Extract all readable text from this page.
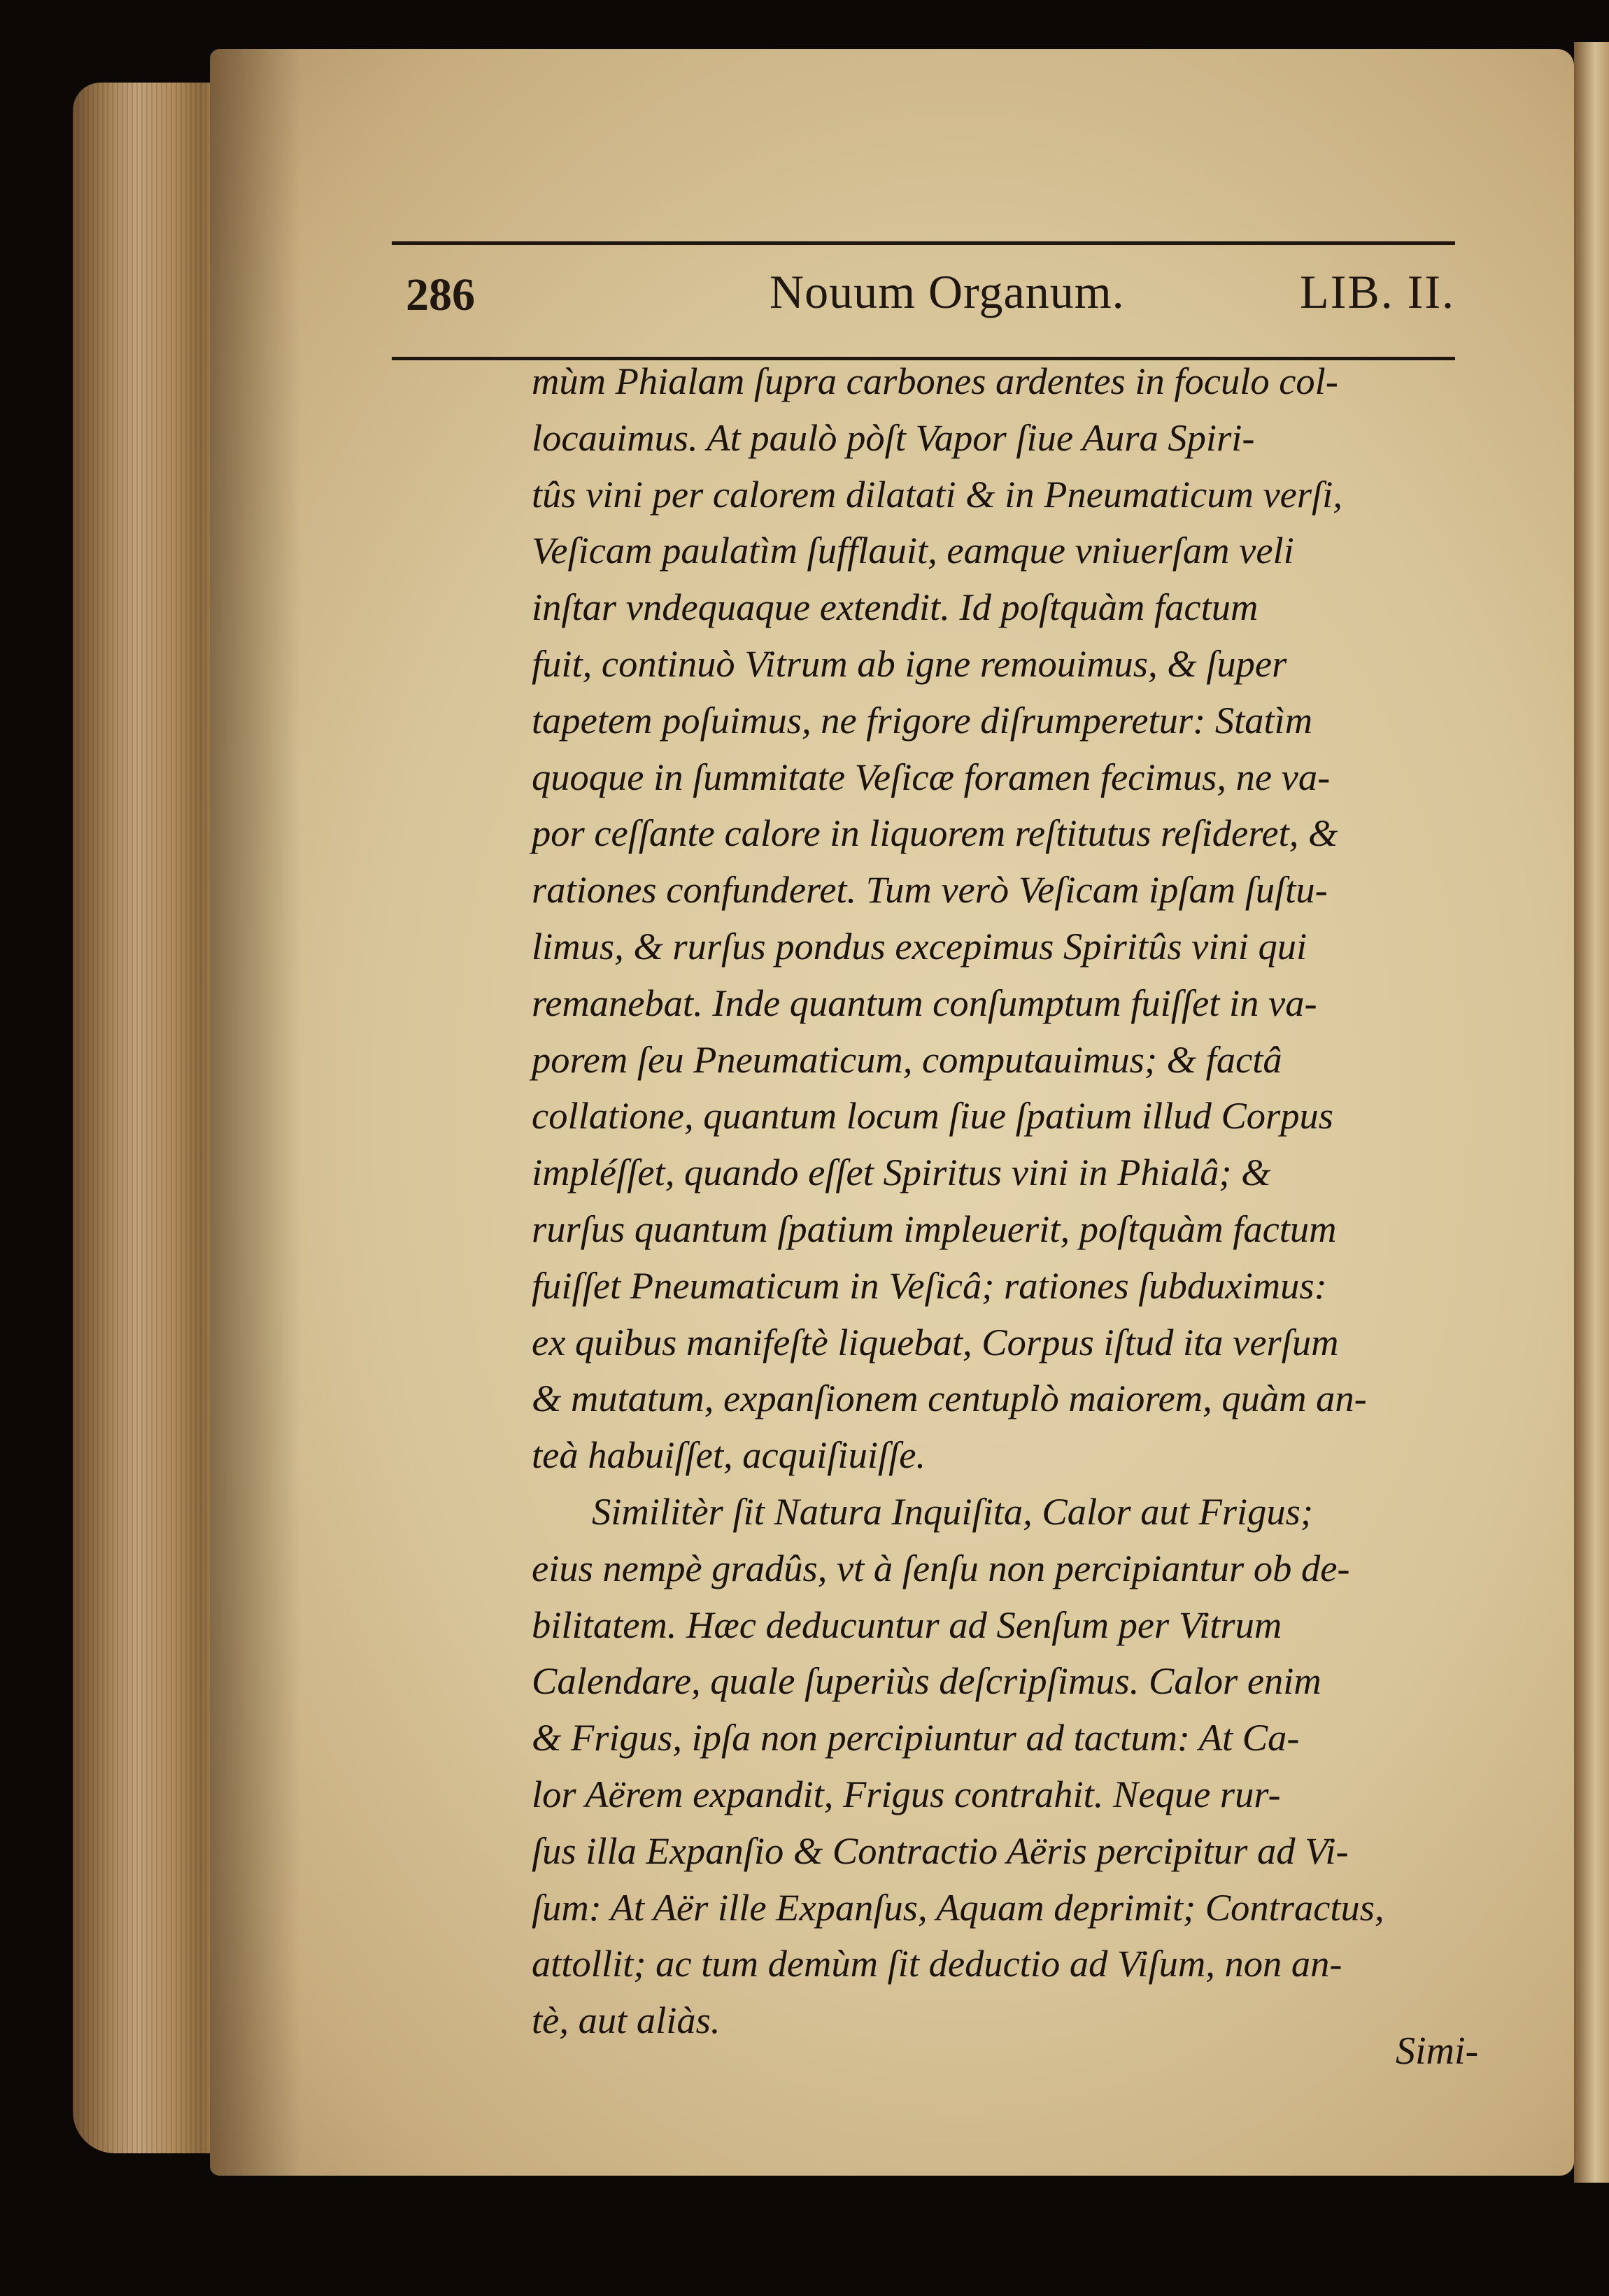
286	Nouum Organum.	LIB. II.
mùm Phialam ſupra carbones ardentes in foculo col-
locauimus. At paulò pòſt Vapor ſiue Aura Spiri-
tûs vini per calorem dilatati & in Pneumaticum verſi,
Veſicam paulatìm ſufflauit, eamque vniuerſam veli
inſtar vndequaque extendit. Id poſtquàm factum
fuit, continuò Vitrum ab igne remouimus, & ſuper
tapetem poſuimus, ne frigore diſrumperetur: Statìm
quoque in ſummitate Veſicæ foramen fecimus, ne va-
por ceſſante calore in liquorem reſtitutus reſideret, &
rationes confunderet. Tum verò Veſicam ipſam ſuſtu-
limus, & rurſus pondus excepimus Spiritûs vini qui
remanebat. Inde quantum conſumptum fuiſſet in va-
porem ſeu Pneumaticum, computauimus; & factâ
collatione, quantum locum ſiue ſpatium illud Corpus
impléſſet, quando eſſet Spiritus vini in Phialâ; &
rurſus quantum ſpatium impleuerit, poſtquàm factum
fuiſſet Pneumaticum in Veſicâ; rationes ſubduximus:
ex quibus manifeſtè liquebat, Corpus iſtud ita verſum
& mutatum, expanſionem centuplò maiorem, quàm an-
teà habuiſſet, acquiſiuiſſe.
Similitèr ſit Natura Inquiſita, Calor aut Frigus;
eius nempè gradûs, vt à ſenſu non percipiantur ob de-
bilitatem. Hæc deducuntur ad Senſum per Vitrum
Calendare, quale ſuperiùs deſcripſimus. Calor enim
& Frigus, ipſa non percipiuntur ad tactum: At Ca-
lor Aërem expandit, Frigus contrahit. Neque rur-
ſus illa Expanſio & Contractio Aëris percipitur ad Vi-
ſum: At Aër ille Expanſus, Aquam deprimit; Contractus,
attollit; ac tum demùm ſit deductio ad Viſum, non an-
tè, aut aliàs.
Simi-
